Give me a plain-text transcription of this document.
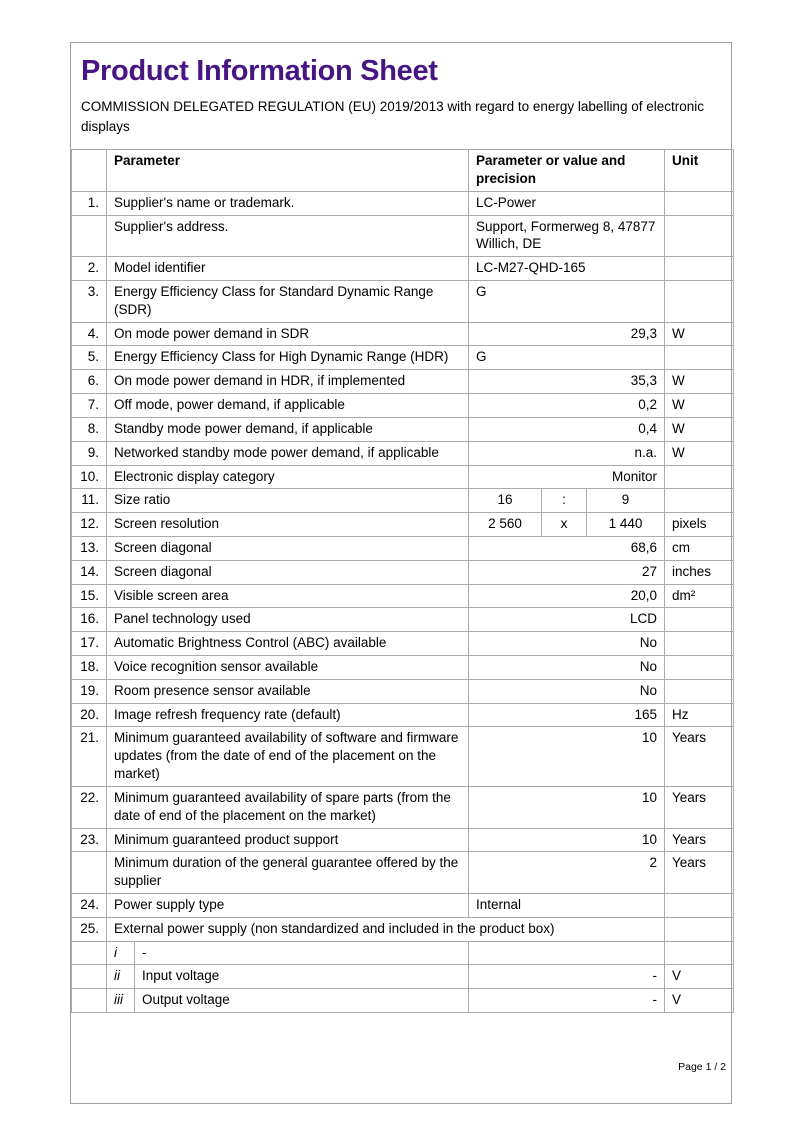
Product Information Sheet

COMMISSION DELEGATED REGULATION (EU) 2019/2013 with regard to energy labelling of electronic displays

	Parameter		Parameter or value and precision			Unit
1.	Supplier's name or trademark.		LC-Power			
	Supplier's address.		Support, Formerweg 8, 47877 Willich, DE			
2.	Model identifier		LC-M27-QHD-165			
3.	Energy Efficiency Class for Standard Dynamic Range (SDR)		G			
4.	On mode power demand in SDR		29,3			W
5.	Energy Efficiency Class for High Dynamic Range (HDR)		G			
6.	On mode power demand in HDR, if implemented		35,3			W
7.	Off mode, power demand, if applicable		0,2			W
8.	Standby mode power demand, if applicable		0,4			W
9.	Networked standby mode power demand, if applicable		n.a.			W
10.	Electronic display category		Monitor			
11.	Size ratio		16	:	9	
12.	Screen resolution		2 560	x	1 440	pixels
13.	Screen diagonal		68,6			cm
14.	Screen diagonal		27			inches
15.	Visible screen area		20,0			dm²
16.	Panel technology used		LCD			
17.	Automatic Brightness Control (ABC) available		No			
18.	Voice recognition sensor available		No			
19.	Room presence sensor available		No			
20.	Image refresh frequency rate (default)		165			Hz
21.	Minimum guaranteed availability of software and firmware updates (from the date of end of the placement on the market)		10			Years
22.	Minimum guaranteed availability of spare parts (from the date of end of the placement on the market)		10			Years
23.	Minimum guaranteed product support		10			Years
	Minimum duration of the general guarantee offered by the supplier		2			Years
24.	Power supply type		Internal			
25.	External power supply (non standardized and included in the product box)					
	i	-				
	ii	Input voltage	-			V
	iii	Output voltage	-			V
Page 1 / 2
